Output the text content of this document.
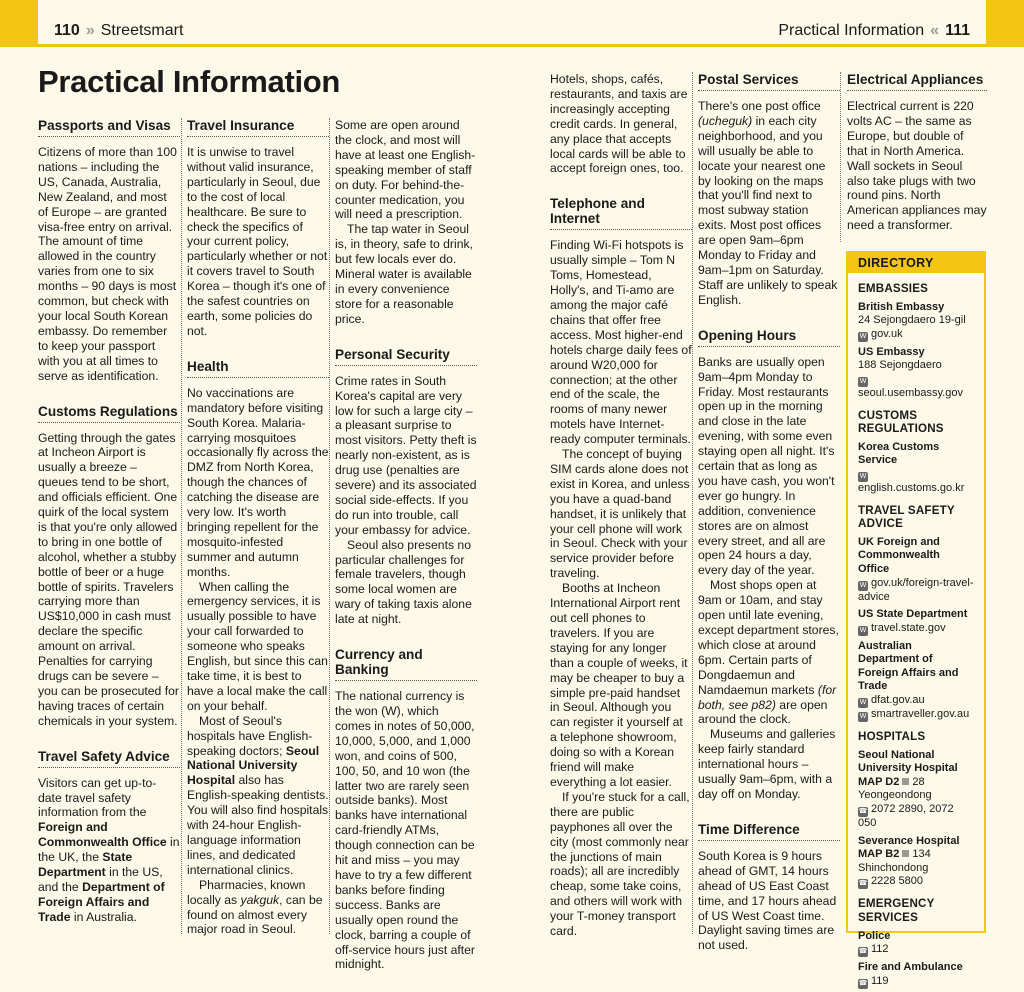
110 » Streetsmart	Practical Information « 111
Practical Information
Passports and Visas

Citizens of more than 100 nations – including the US, Canada, Australia, New Zealand, and most of Europe – are granted visa-free entry on arrival. The amount of time allowed in the country varies from one to six months – 90 days is most common, but check with your local South Korean embassy. Do remember to keep your passport with you at all times to serve as identification.

Customs Regulations

Getting through the gates at Incheon Airport is usually a breeze – queues tend to be short, and officials efficient. One quirk of the local system is that you're only allowed to bring in one bottle of alcohol, whether a stubby bottle of beer or a huge bottle of spirits. Travelers carrying more than US$10,000 in cash must declare the specific amount on arrival. Penalties for carrying drugs can be severe – you can be prosecuted for having traces of certain chemicals in your system.

Travel Safety Advice

Visitors can get up-to-date travel safety information from the Foreign and Commonwealth Office in the UK, the State Department in the US, and the Department of Foreign Affairs and Trade in Australia.

Travel Insurance

It is unwise to travel without valid insurance, particularly in Seoul, due to the cost of local healthcare. Be sure to check the specifics of your current policy, particularly whether or not it covers travel to South Korea – though it's one of the safest countries on earth, some policies do not.

Health

No vaccinations are mandatory before visiting South Korea. Malaria-carrying mosquitoes occasionally fly across the DMZ from North Korea, though the chances of catching the disease are very low. It's worth bringing repellent for the mosquito-infested summer and autumn months.

When calling the emergency services, it is usually possible to have your call forwarded to someone who speaks English, but since this can take time, it is best to have a local make the call on your behalf.

Most of Seoul's hospitals have English-speaking doctors; Seoul National University Hospital also has English-speaking dentists. You will also find hospitals with 24-hour English-language information lines, and dedicated international clinics.

Pharmacies, known locally as yakguk, can be found on almost every major road in Seoul.

Some are open around the clock, and most will have at least one English-speaking member of staff on duty. For behind-the-counter medication, you will need a prescription.

The tap water in Seoul is, in theory, safe to drink, but few locals ever do. Mineral water is available in every convenience store for a reasonable price.

Personal Security

Crime rates in South Korea's capital are very low for such a large city – a pleasant surprise to most visitors. Petty theft is nearly non-existent, as is drug use (penalties are severe) and its associated social side-effects. If you do run into trouble, call your embassy for advice.

Seoul also presents no particular challenges for female travelers, though some local women are wary of taking taxis alone late at night.

Currency and Banking

The national currency is the won (W), which comes in notes of 50,000, 10,000, 5,000, and 1,000 won, and coins of 500, 100, 50, and 10 won (the latter two are rarely seen outside banks). Most banks have international card-friendly ATMs, though connection can be hit and miss – you may have to try a few different banks before finding success. Banks are usually open round the clock, barring a couple of off-service hours just after midnight.

Hotels, shops, cafés, restaurants, and taxis are increasingly accepting credit cards. In general, any place that accepts local cards will be able to accept foreign ones, too.

Telephone and Internet

Finding Wi-Fi hotspots is usually simple – Tom N Toms, Homestead, Holly's, and Ti-amo are among the major café chains that offer free access. Most higher-end hotels charge daily fees of around W20,000 for connection; at the other end of the scale, the rooms of many newer motels have Internet-ready computer terminals.

The concept of buying SIM cards alone does not exist in Korea, and unless you have a quad-band handset, it is unlikely that your cell phone will work in Seoul. Check with your service provider before traveling.

Booths at Incheon International Airport rent out cell phones to travelers. If you are staying for any longer than a couple of weeks, it may be cheaper to buy a simple pre-paid handset in Seoul. Although you can register it yourself at a telephone showroom, doing so with a Korean friend will make everything a lot easier.

If you're stuck for a call, there are public payphones all over the city (most commonly near the junctions of main roads); all are incredibly cheap, some take coins, and others will work with your T-money transport card.

Postal Services

There's one post office (ucheguk) in each city neighborhood, and you will usually be able to locate your nearest one by looking on the maps that you'll find next to most subway station exits. Most post offices are open 9am–6pm Monday to Friday and 9am–1pm on Saturday. Staff are unlikely to speak English.

Opening Hours

Banks are usually open 9am–4pm Monday to Friday. Most restaurants open up in the morning and close in the late evening, with some even staying open all night. It's certain that as long as you have cash, you won't ever go hungry. In addition, convenience stores are on almost every street, and all are open 24 hours a day, every day of the year.

Most shops open at 9am or 10am, and stay open until late evening, except department stores, which close at around 6pm. Certain parts of Dongdaemun and Namdaemun markets (for both, see p82) are open around the clock.

Museums and galleries keep fairly standard international hours – usually 9am–6pm, with a day off on Monday.

Time Difference

South Korea is 9 hours ahead of GMT, 14 hours ahead of US East Coast time, and 17 hours ahead of US West Coast time. Daylight saving times are not used.

Electrical Appliances

Electrical current is 220 volts AC – the same as Europe, but double of that in North America. Wall sockets in Seoul also take plugs with two round pins. North American appliances may need a transformer.

DIRECTORY
EMBASSIES
British Embassy
24 Sejongdaero 19-gil
W gov.uk
US Embassy
188 Sejongdaero
Wseoul.usembassy.gov
CUSTOMS REGULATIONS
Korea Customs Service
Wenglish.customs.go.kr
TRAVEL SAFETY ADVICE
UK Foreign and Commonwealth Office
W gov.uk/foreign-travel-advice
US State Department
W travel.state.gov
Australian Department of Foreign Affairs and Trade
W dfat.gov.au
W smartraveller.gov.au
HOSPITALS
Seoul National University Hospital
MAP D2 28
Yeongeondong
☎ 2072 2890, 2072 050
Severance Hospital
MAP B2 134
Shinchondong
☎ 2228 5800
EMERGENCY SERVICES
Police
☎ 112
Fire and Ambulance
☎ 119
